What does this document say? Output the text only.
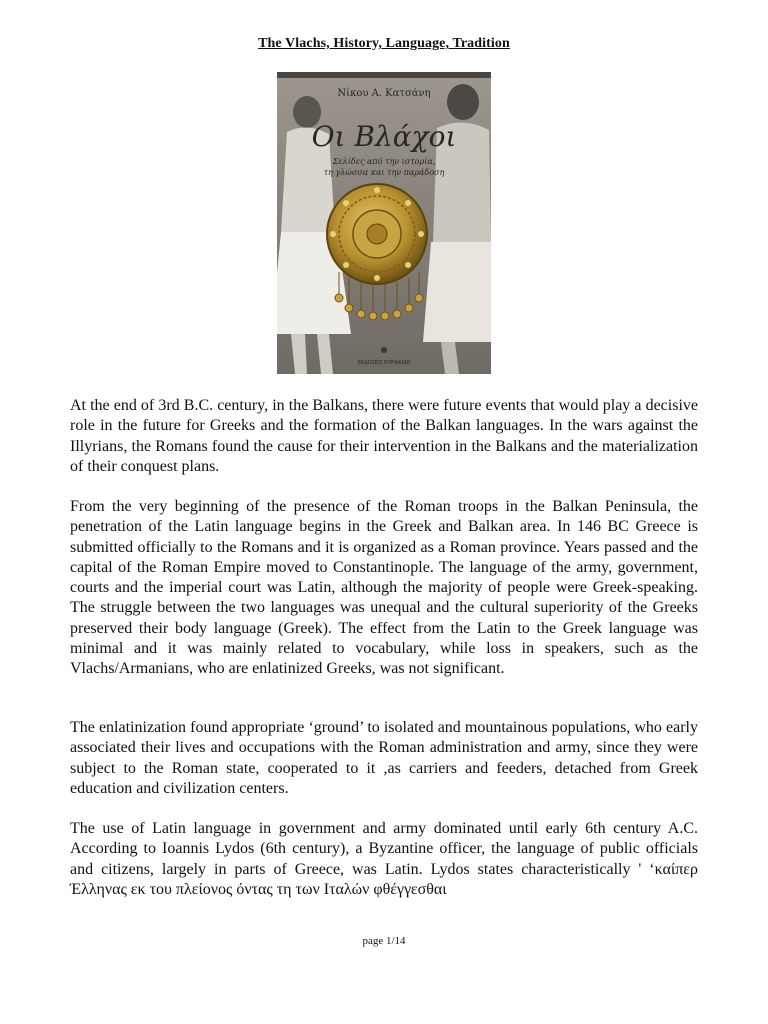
The Vlachs, History, Language, Tradition
Νίκου Α. Κατσάνη
Οι Βλάχοι
Σελίδες από την ιστορία,
τη γλώσσα και την παράδοση
ΕΚΔΟΣΕΙΣ ΚΥΡΙΑΚΙΔΗ

At the end of 3rd B.C. century, in the Balkans, there were future events that would play a decisive role in the future for Greeks and the formation of the Balkan languages. In the wars against the Illyrians, the Romans found the cause for their intervention in the Balkans and the materialization of their conquest plans.

From the very beginning of the presence of the Roman troops in the Balkan Peninsula, the penetration of the Latin language begins in the Greek and Balkan area. In 146 BC Greece is submitted officially to the Romans and it is organized as a Roman province. Years passed and the capital of the Roman Empire moved to Constantinople. The language of the army, government, courts and the imperial court was Latin, although the majority of people were Greek-speaking. The struggle between the two languages was unequal and the cultural superiority of the Greeks preserved their body language (Greek). The effect from the Latin to the Greek language was minimal and it was mainly related to vocabulary, while loss in speakers, such as the Vlachs/Armanians, who are enlatinized Greeks, was not significant.

The enlatinization found appropriate ‘ground’ to isolated and mountainous populations, who early associated their lives and occupations with the Roman administration and army, since they were subject to the Roman state, cooperated to it ,as carriers and feeders, detached from Greek education and civilization centers.

The use of Latin language in government and army dominated until early 6th century A.C. According to Ioannis Lydos (6th century), a Byzantine officer, the language of public officials and citizens, largely in parts of Greece, was Latin. Lydos states characteristically ' ‘καίπερ Έλληνας εκ του πλείονος όντας τη των Ιταλών φθέγγεσθαι

page 1/14
